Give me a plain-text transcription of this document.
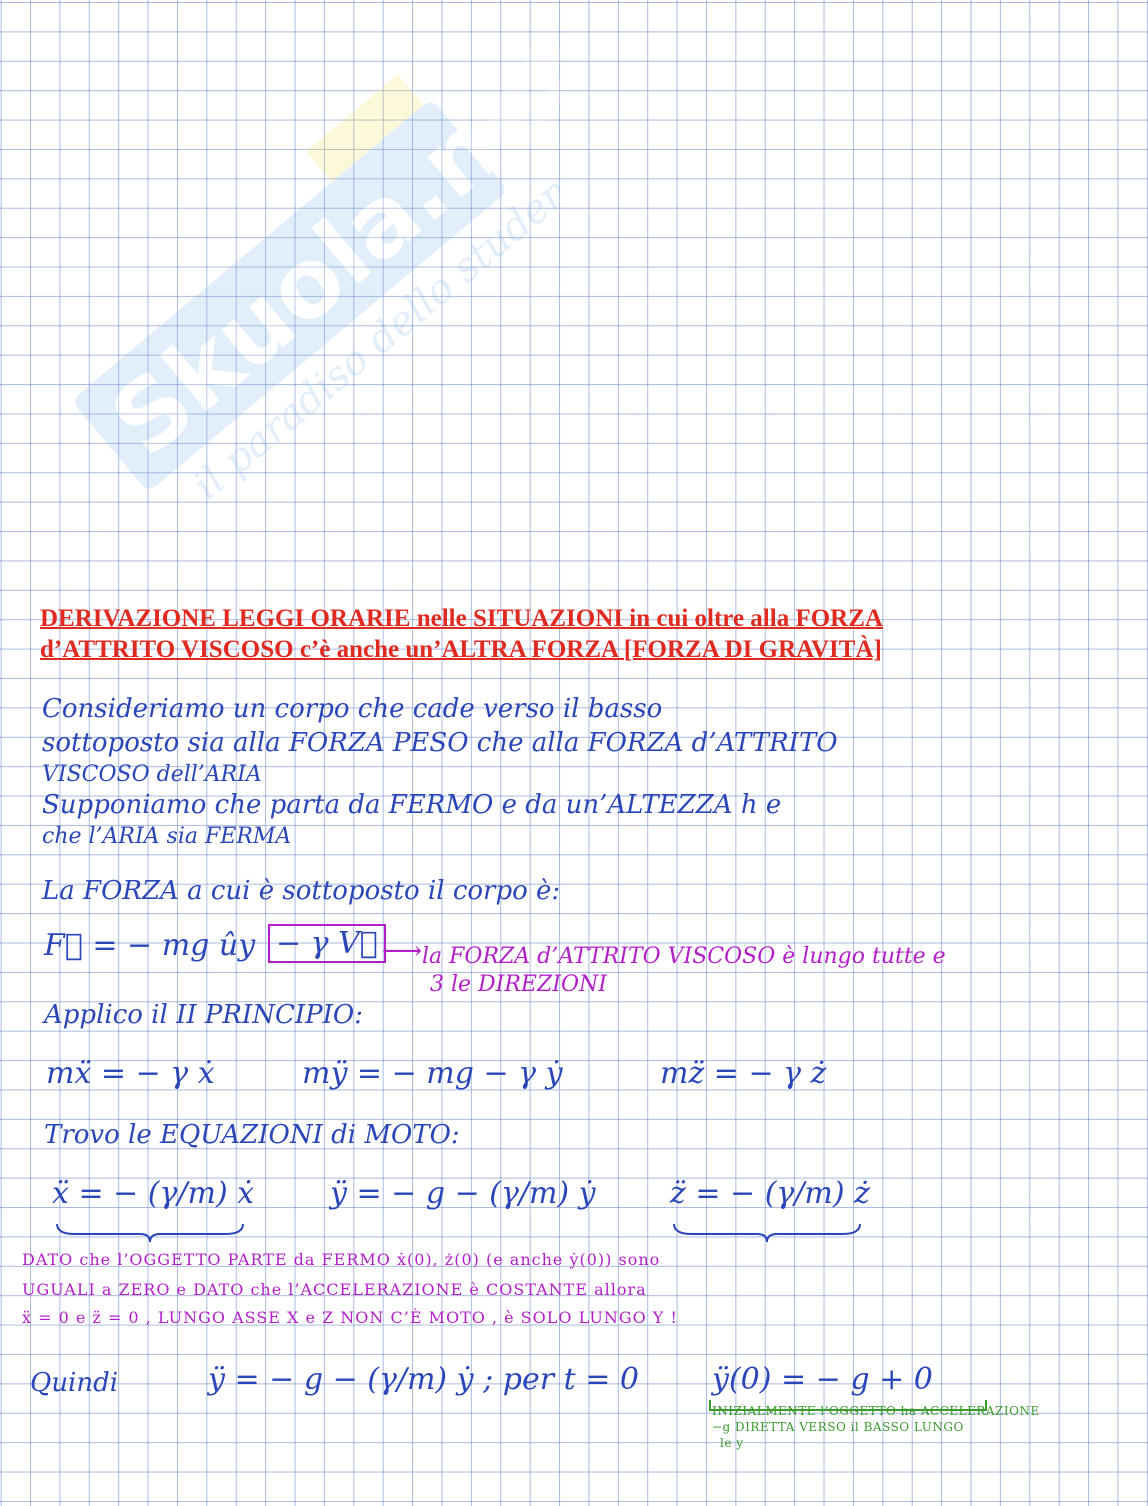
Skuola.net
il paradiso dello studente
DERIVAZIONE LEGGI ORARIE nelle SITUAZIONI in cui oltre alla FORZA
d’ATTRITO VISCOSO c’è anche un’ALTRA FORZA [FORZA DI GRAVITÀ]
Consideriamo un corpo che cade verso il basso
sottoposto sia alla FORZA PESO che alla FORZA d’ATTRITO
VISCOSO dell’ARIA
Supponiamo che parta da FERMO e da un’ALTEZZA h e
che l’ARIA sia FERMA
La FORZA a cui è sottoposto il corpo è:
F⃗ = − mg ûy − γ V⃗ ⟶ la FORZA d’ATTRITO VISCOSO è lungo tutte e
3 le DIREZIONI
Applico il II PRINCIPIO:
mẍ = − γ ẋ	mÿ = − mg − γ ẏ	mz̈ = − γ ż
Trovo le EQUAZIONI di MOTO:
ẍ = − (γ/m) ẋ	ÿ = − g − (γ/m) ẏ z̈ = − (γ/m) ż
DATO che l’OGGETTO PARTE da FERMO ẋ(0), ż(0) (e anche ẏ(0)) sono
UGUALI a ZERO e DATO che l’ACCELERAZIONE è COSTANTE allora
ẍ = 0 e z̈ = 0 , LUNGO ASSE X e Z NON C’È MOTO , è SOLO LUNGO Y !
Quindi	ÿ = − g − (γ/m) ẏ ; per t = 0 ÿ(0) = − g + 0
INIZIALMENTE l’OGGETTO ha ACCELERAZIONE
−g DIRETTA VERSO il BASSO LUNGO
le y
